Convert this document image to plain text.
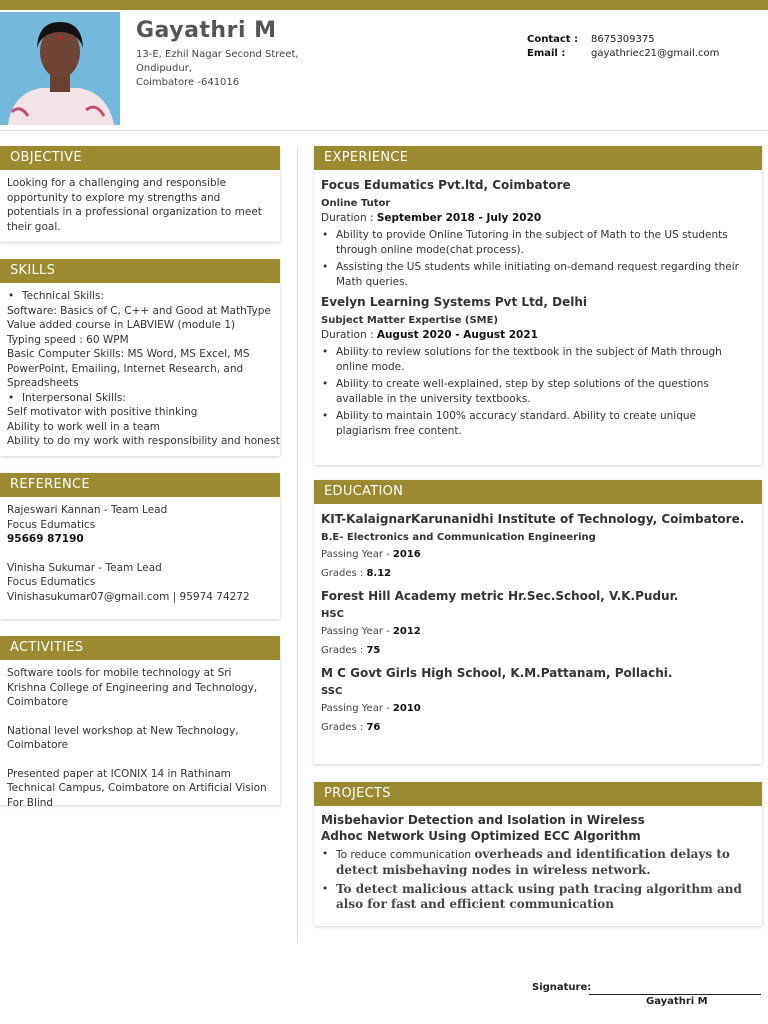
Gayathri M
13-E, Ezhil Nagar Second Street,
Ondipudur,
Coimbatore -641016
Contact :	8675309375
Email :	gayathriec21@gmail.com
OBJECTIVE

Looking for a challenging and responsible opportunity to explore my strengths and potentials in a professional organization to meet their goal.

SKILLS
• Technical Skills:

Software: Basics of C, C++ and Good at MathType

Value added course in LABVIEW (module 1)

Typing speed : 60 WPM

Basic Computer Skills: MS Word, MS Excel, MS PowerPoint, Emailing, Internet Research, and Spreadsheets

• Interpersonal Skills:

Self motivator with positive thinking

Ability to work well in a team

Ability to do my work with responsibility and honest

REFERENCE

Rajeswari Kannan - Team Lead

Focus Edumatics

95669 87190

Vinisha Sukumar - Team Lead

Focus Edumatics

Vinishasukumar07@gmail.com | 95974 74272

ACTIVITIES

Software tools for mobile technology at Sri Krishna College of Engineering and Technology, Coimbatore

National level workshop at New Technology, Coimbatore

Presented paper at ICONIX 14 in Rathinam Technical Campus, Coimbatore on Artificial Vision For Blind

EXPERIENCE
Focus Edumatics Pvt.ltd, Coimbatore
Online Tutor
Duration : September 2018 - July 2020
• Ability to provide Online Tutoring in the subject of Math to the US students through online mode(chat process).
• Assisting the US students while initiating on-demand request regarding their Math queries.
Evelyn Learning Systems Pvt Ltd, Delhi
Subject Matter Expertise (SME)
Duration : August 2020 - August 2021
• Ability to review solutions for the textbook in the subject of Math through online mode.
• Ability to create well-explained, step by step solutions of the questions available in the university textbooks.
• Ability to maintain 100% accuracy standard. Ability to create unique plagiarism free content.
EDUCATION
KIT-KalaignarKarunanidhi Institute of Technology, Coimbatore.
B.E- Electronics and Communication Engineering
Passing Year - 2016
Grades : 8.12
Forest Hill Academy metric Hr.Sec.School, V.K.Pudur.
HSC
Passing Year - 2012
Grades : 75
M C Govt Girls High School, K.M.Pattanam, Pollachi.
SSC
Passing Year - 2010
Grades : 76
PROJECTS
Misbehavior Detection and Isolation in Wireless Adhoc Network Using Optimized ECC Algorithm
• To reduce communication overheads and identification delays to detect misbehaving nodes in wireless network.
• To detect malicious attack using path tracing algorithm and also for fast and efficient communication
Signature:
Gayathri M
